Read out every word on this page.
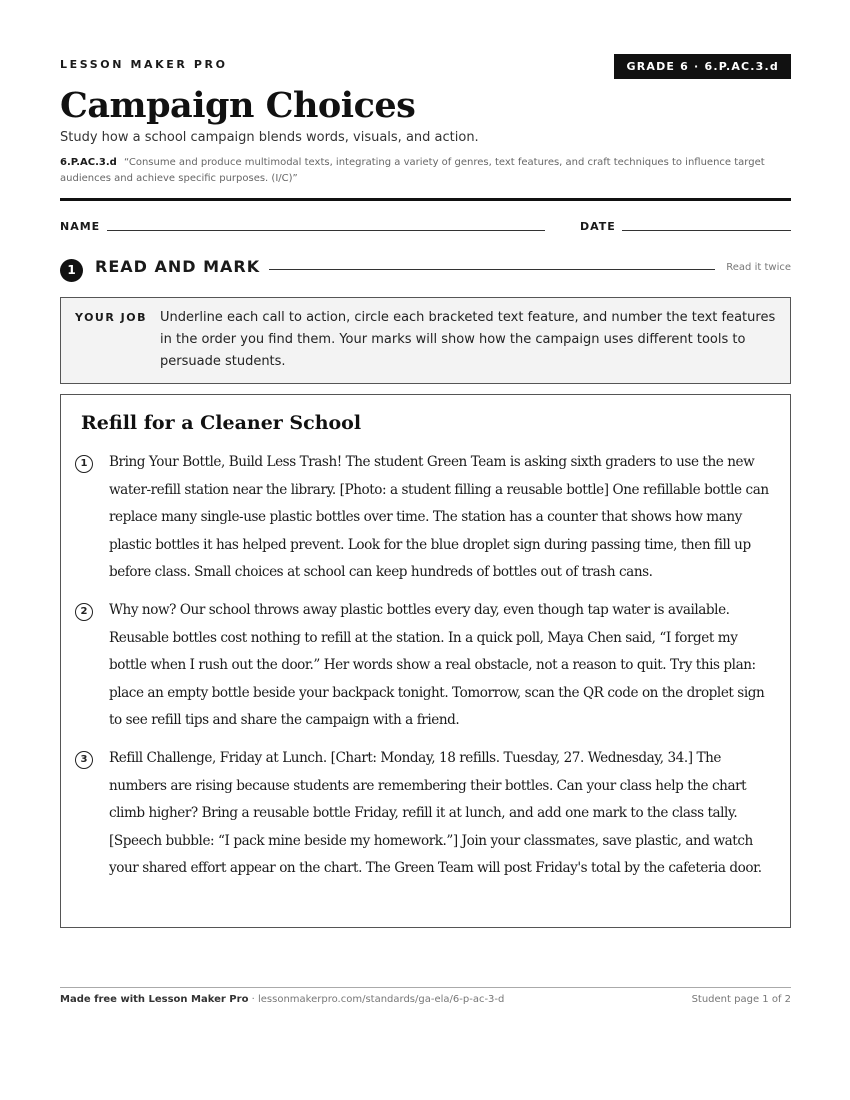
LESSON MAKER PRO	GRADE 6 · 6.P.AC.3.d
Campaign Choices
Study how a school campaign blends words, visuals, and action.
6.P.AC.3.d “Consume and produce multimodal texts, integrating a variety of genres, text features, and craft techniques to influence target audiences and achieve specific purposes. (I/C)”
NAME	DATE
1	READ AND MARK	Read it twice
YOUR JOB Underline each call to action, circle each bracketed text feature, and number the text features in the order you find them. Your marks will show how the campaign uses different tools to persuade students.
Refill for a Cleaner School
1	Bring Your Bottle, Build Less Trash! The student Green Team is asking sixth graders to use the new water-refill station near the library. [Photo: a student filling a reusable bottle] One refillable bottle can replace many single-use plastic bottles over time. The station has a counter that shows how many plastic bottles it has helped prevent. Look for the blue droplet sign during passing time, then fill up before class. Small choices at school can keep hundreds of bottles out of trash cans.
2	Why now? Our school throws away plastic bottles every day, even though tap water is available. Reusable bottles cost nothing to refill at the station. In a quick poll, Maya Chen said, “I forget my bottle when I rush out the door.” Her words show a real obstacle, not a reason to quit. Try this plan: place an empty bottle beside your backpack tonight. Tomorrow, scan the QR code on the droplet sign to see refill tips and share the campaign with a friend.
3	Refill Challenge, Friday at Lunch. [Chart: Monday, 18 refills. Tuesday, 27. Wednesday, 34.] The numbers are rising because students are remembering their bottles. Can your class help the chart climb higher? Bring a reusable bottle Friday, refill it at lunch, and add one mark to the class tally. [Speech bubble: “I pack mine beside my homework.”] Join your classmates, save plastic, and watch your shared effort appear on the chart. The Green Team will post Friday's total by the cafeteria door.
Made free with Lesson Maker Pro · lessonmakerpro.com/standards/ga-ela/6-p-ac-3-d	Student page 1 of 2
